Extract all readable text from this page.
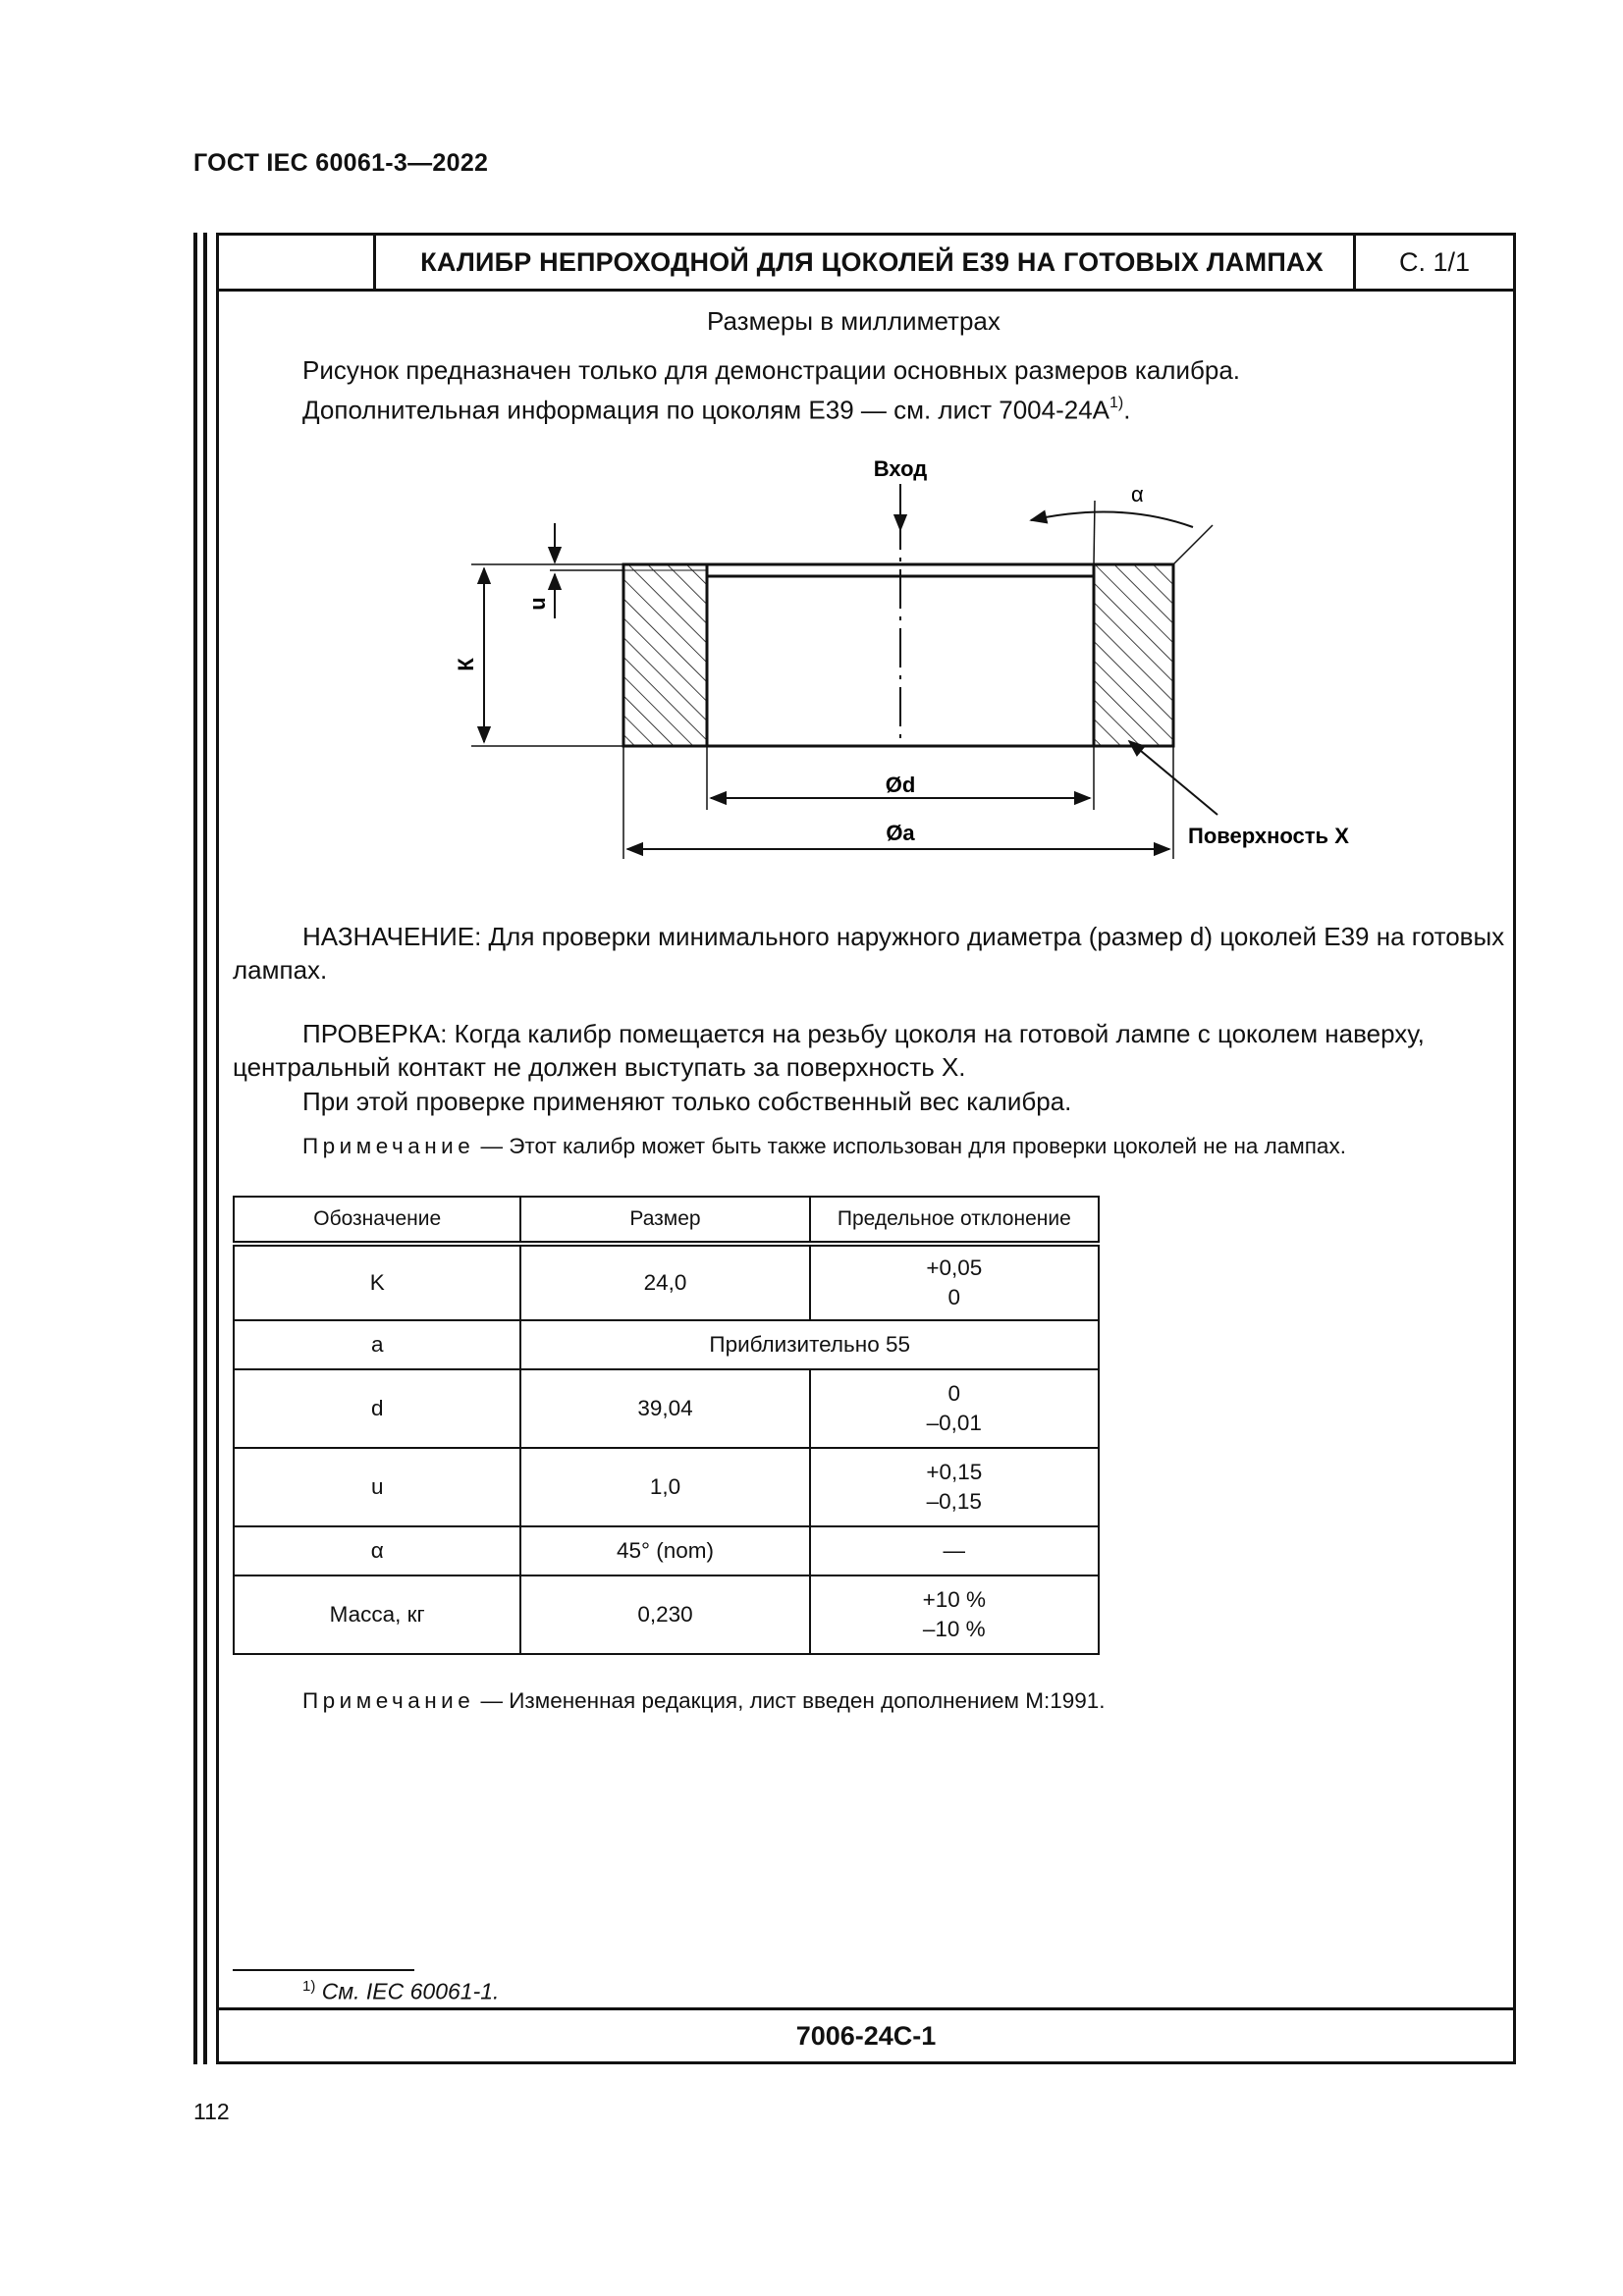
ГОСТ IEC 60061-3—2022
КАЛИБР НЕПРОХОДНОЙ ДЛЯ ЦОКОЛЕЙ Е39 НА ГОТОВЫХ ЛАМПАХ	С. 1/1
7006-24С-1
Размеры в миллиметрах
Рисунок предназначен только для демонстрации основных размеров калибра.
Дополнительная информация по цоколям Е39 — см. лист $7004-24А^{1)}$.
Вход
α
К
u
Ød
Øa	Поверхность X
НАЗНАЧЕНИЕ: Для проверки минимального наружного диаметра (размер d) цоколей Е39 на готовых лампах.
ПРОВЕРКА: Когда калибр помещается на резьбу цоколя на готовой лампе с цоколем наверху, центральный контакт не должен выступать за поверхность X.
При этой проверке применяют только собственный вес калибра.
Примечание — Этот калибр может быть также использован для проверки цоколей не на лампах.
Обозначение	Размер	Предельное отклонение
K	24,0	+0,05
0

a	Приблизительно 55	
d	39,04	0
–0,01

u	1,0	+0,15
–0,15

α	45° (nom)	—
Масса, кг	0,230	+10 %
–10 %
Примечание — Измененная редакция, лист введен дополнением М:1991.
$^{1)}$ См. IEC 60061-1.
112
